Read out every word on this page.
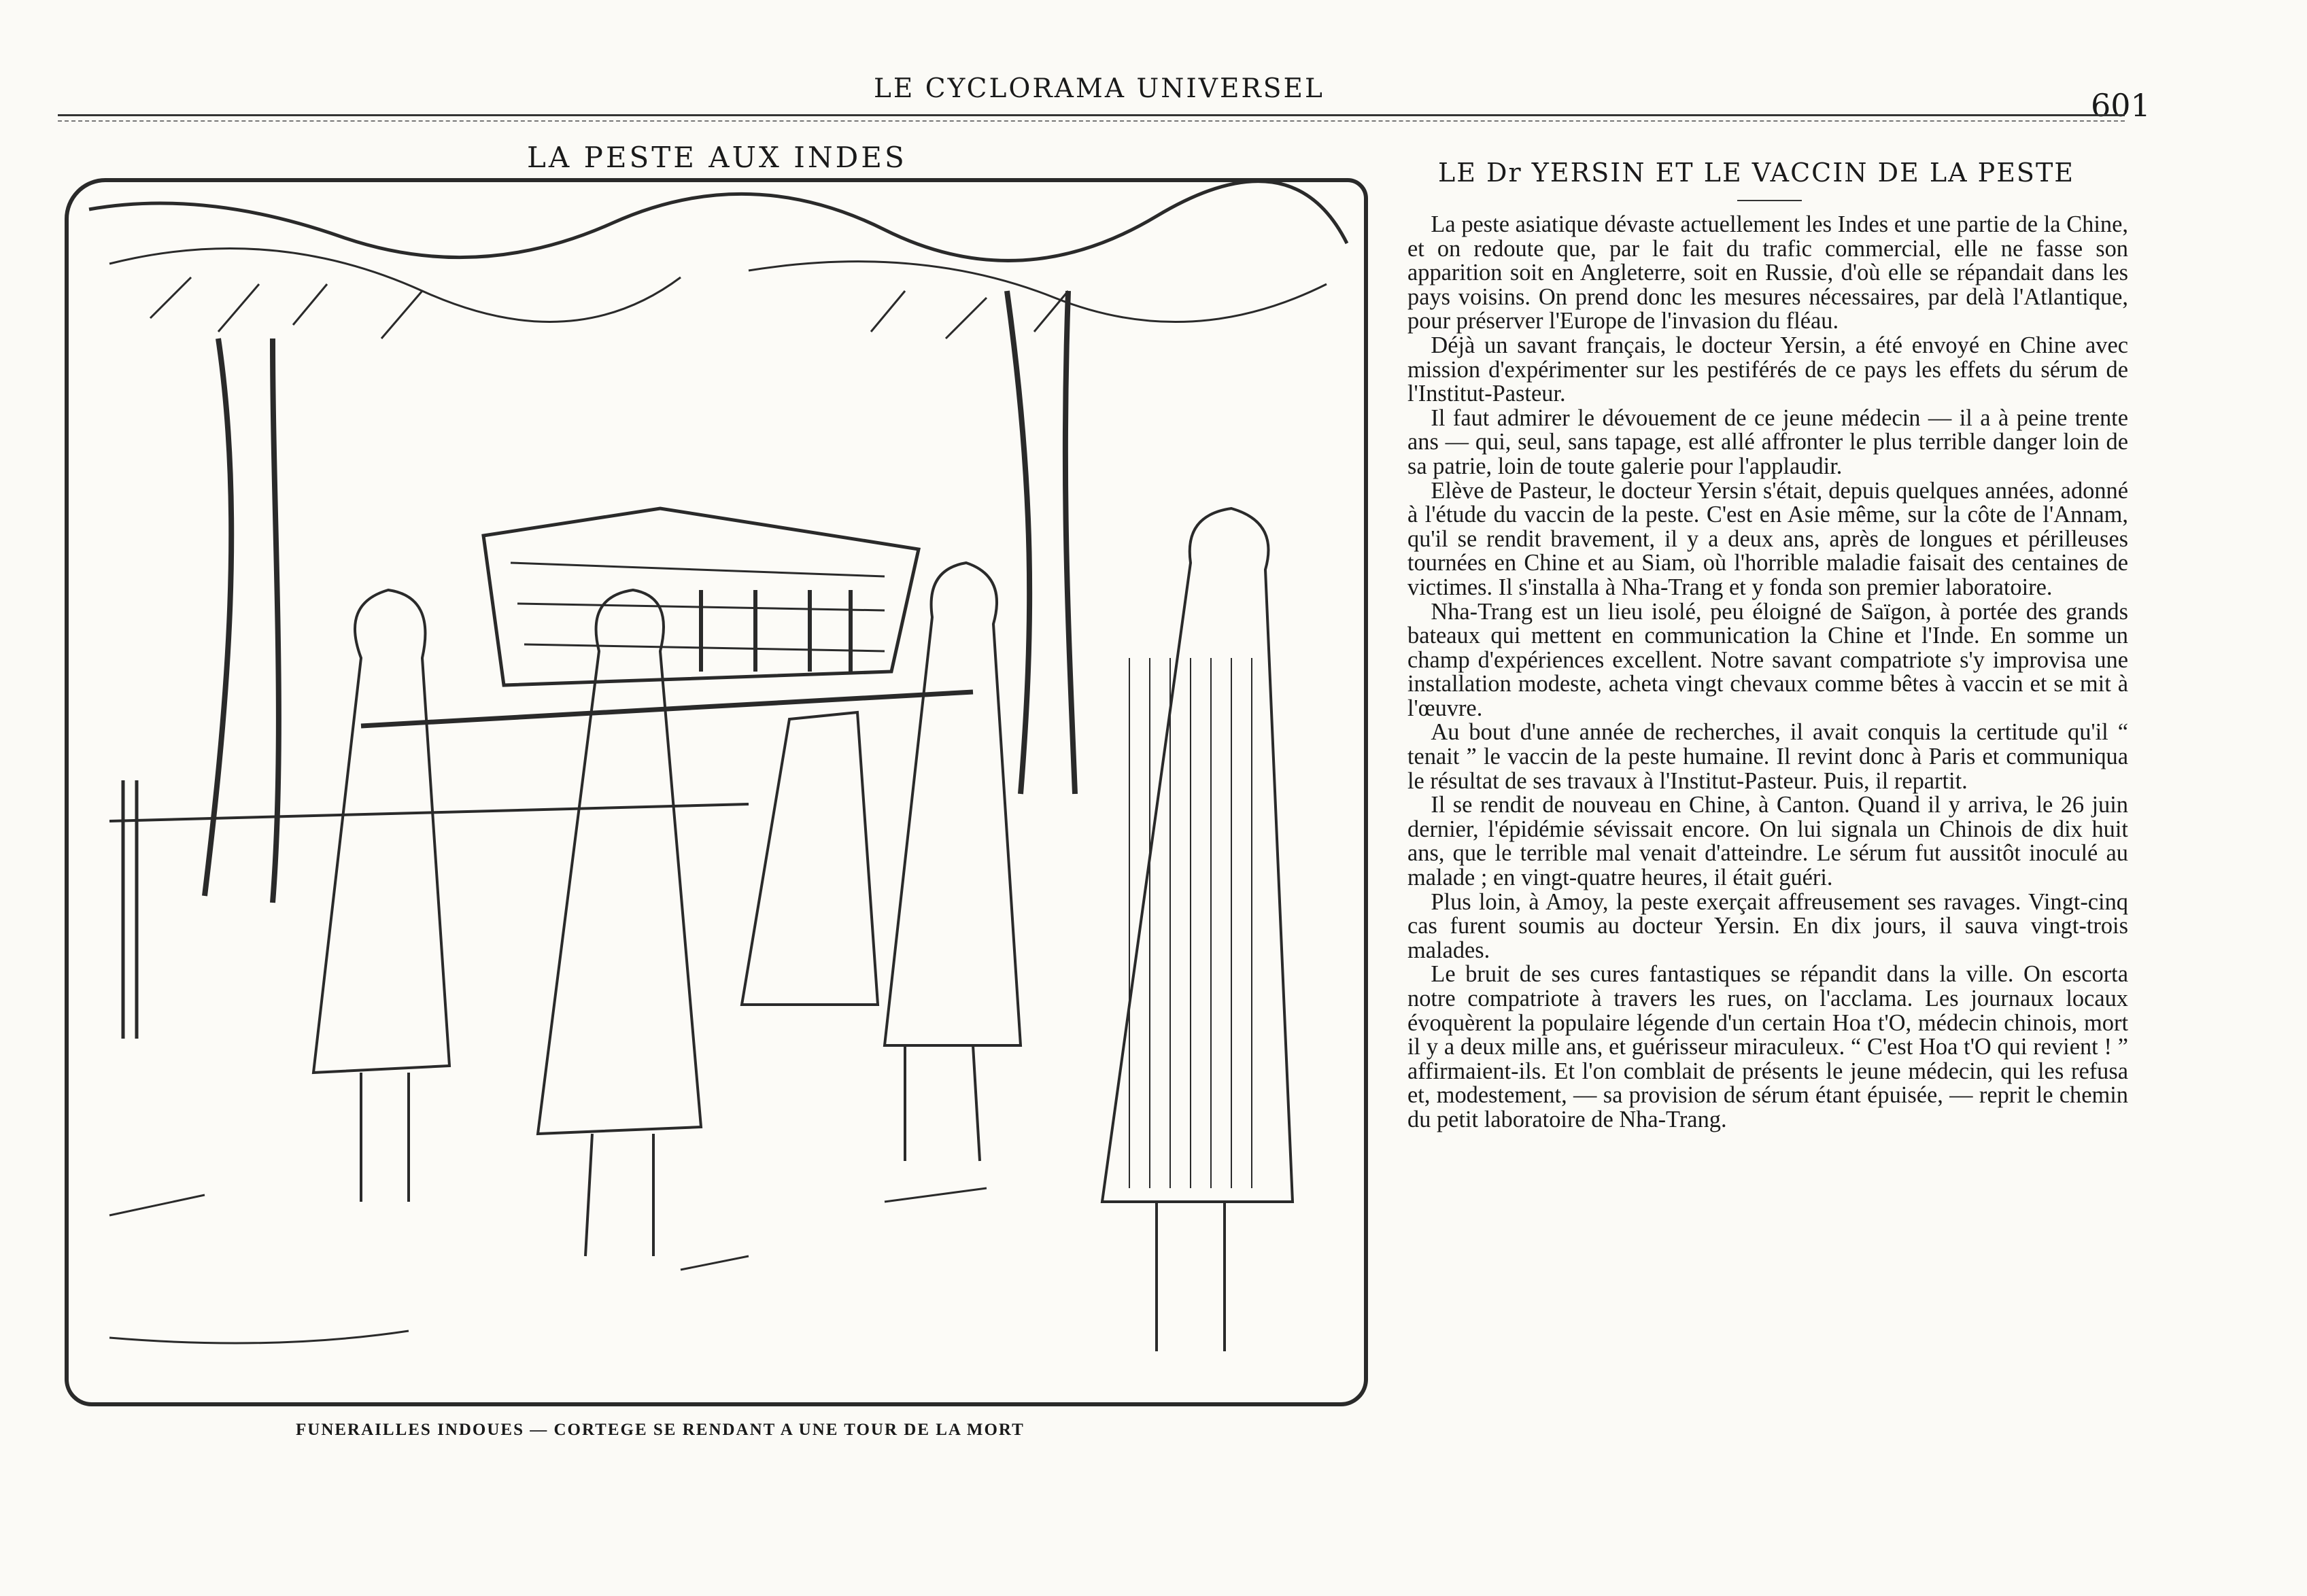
LE CYCLORAMA UNIVERSEL	601
LA PESTE AUX INDES
FUNERAILLES INDOUES — CORTEGE SE RENDANT A UNE TOUR DE LA MORT
LE Dr YERSIN ET LE VACCIN DE LA PESTE

La peste asiatique dévaste actuellement les Indes et une partie de la Chine, et on redoute que, par le fait du trafic commercial, elle ne fasse son apparition soit en Angleterre, soit en Russie, d'où elle se répandait dans les pays voisins. On prend donc les mesures nécessaires, par delà l'Atlantique, pour préserver l'Europe de l'invasion du fléau.

Déjà un savant français, le docteur Yersin, a été envoyé en Chine avec mission d'expérimenter sur les pestiférés de ce pays les effets du sérum de l'Institut-Pasteur.

Il faut admirer le dévouement de ce jeune médecin — il a à peine trente ans — qui, seul, sans tapage, est allé affronter le plus terrible danger loin de sa patrie, loin de toute galerie pour l'applaudir.

Elève de Pasteur, le docteur Yersin s'était, depuis quelques années, adonné à l'étude du vaccin de la peste. C'est en Asie même, sur la côte de l'Annam, qu'il se rendit bravement, il y a deux ans, après de longues et périlleuses tournées en Chine et au Siam, où l'horrible maladie faisait des centaines de victimes. Il s'installa à Nha-Trang et y fonda son premier laboratoire.

Nha-Trang est un lieu isolé, peu éloigné de Saïgon, à portée des grands bateaux qui mettent en communication la Chine et l'Inde. En somme un champ d'expériences excellent. Notre savant compatriote s'y improvisa une installation modeste, acheta vingt chevaux comme bêtes à vaccin et se mit à l'œuvre.

Au bout d'une année de recherches, il avait conquis la certitude qu'il “ tenait ” le vaccin de la peste humaine. Il revint donc à Paris et communiqua le résultat de ses travaux à l'Institut-Pasteur. Puis, il repartit.

Il se rendit de nouveau en Chine, à Canton. Quand il y arriva, le 26 juin dernier, l'épidémie sévissait encore. On lui signala un Chinois de dix huit ans, que le terrible mal venait d'atteindre. Le sérum fut aussitôt inoculé au malade ; en vingt-quatre heures, il était guéri.

Plus loin, à Amoy, la peste exerçait affreusement ses ravages. Vingt-cinq cas furent soumis au docteur Yersin. En dix jours, il sauva vingt-trois malades.

Le bruit de ses cures fantastiques se répandit dans la ville. On escorta notre compatriote à travers les rues, on l'acclama. Les journaux locaux évoquèrent la populaire légende d'un certain Hoa t'O, médecin chinois, mort il y a deux mille ans, et guérisseur miraculeux. “ C'est Hoa t'O qui revient ! ” affirmaient-ils. Et l'on comblait de présents le jeune médecin, qui les refusa et, modestement, — sa provision de sérum étant épuisée, — reprit le chemin du petit laboratoire de Nha-Trang.
